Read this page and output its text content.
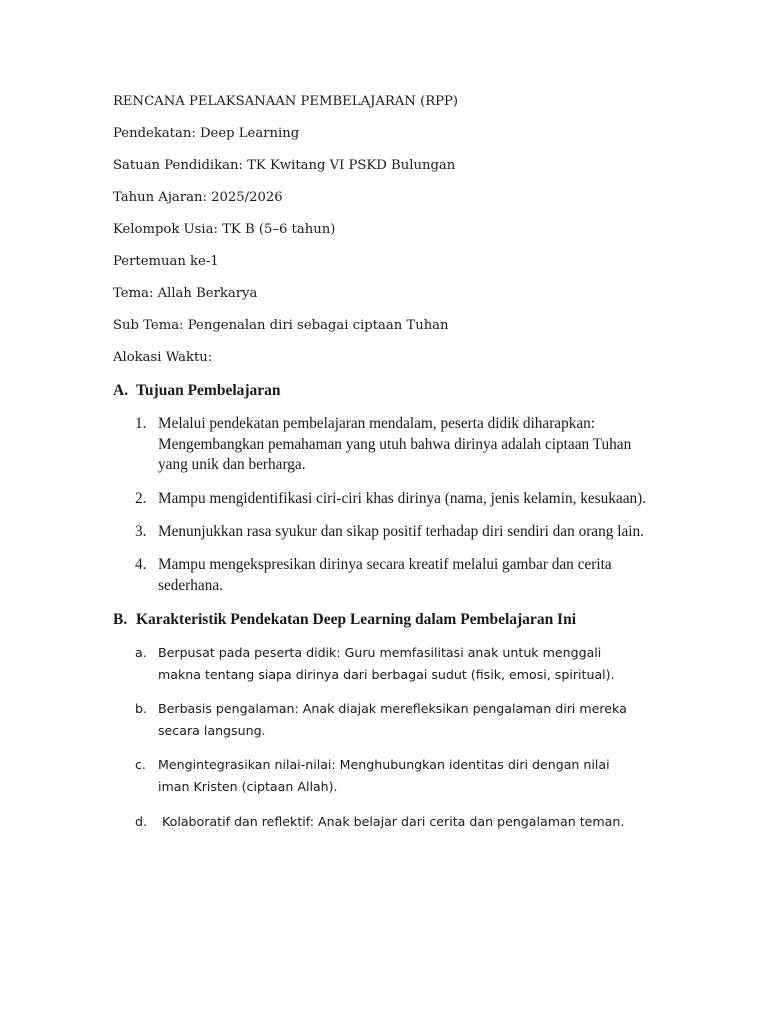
RENCANA PELAKSANAAN PEMBELAJARAN (RPP)
Pendekatan: Deep Learning
Satuan Pendidikan: TK Kwitang VI PSKD Bulungan
Tahun Ajaran: 2025/2026
Kelompok Usia: TK B (5–6 tahun)
Pertemuan ke-1
Tema: Allah Berkarya
Sub Tema: Pengenalan diri sebagai ciptaan Tuhan
Alokasi Waktu:
A. Tujuan Pembelajaran
1. Melalui pendekatan pembelajaran mendalam, peserta didik diharapkan: Mengembangkan pemahaman yang utuh bahwa dirinya adalah ciptaan Tuhan yang unik dan berharga.
2. Mampu mengidentifikasi ciri-ciri khas dirinya (nama, jenis kelamin, kesukaan).
3. Menunjukkan rasa syukur dan sikap positif terhadap diri sendiri dan orang lain.
4. Mampu mengekspresikan dirinya secara kreatif melalui gambar dan cerita sederhana.
B. Karakteristik Pendekatan Deep Learning dalam Pembelajaran Ini
a. Berpusat pada peserta didik: Guru memfasilitasi anak untuk menggali makna tentang siapa dirinya dari berbagai sudut (fisik, emosi, spiritual).
b. Berbasis pengalaman: Anak diajak merefleksikan pengalaman diri mereka secara langsung.
c. Mengintegrasikan nilai-nilai: Menghubungkan identitas diri dengan nilai iman Kristen (ciptaan Allah).
d. Kolaboratif dan reflektif: Anak belajar dari cerita dan pengalaman teman.
